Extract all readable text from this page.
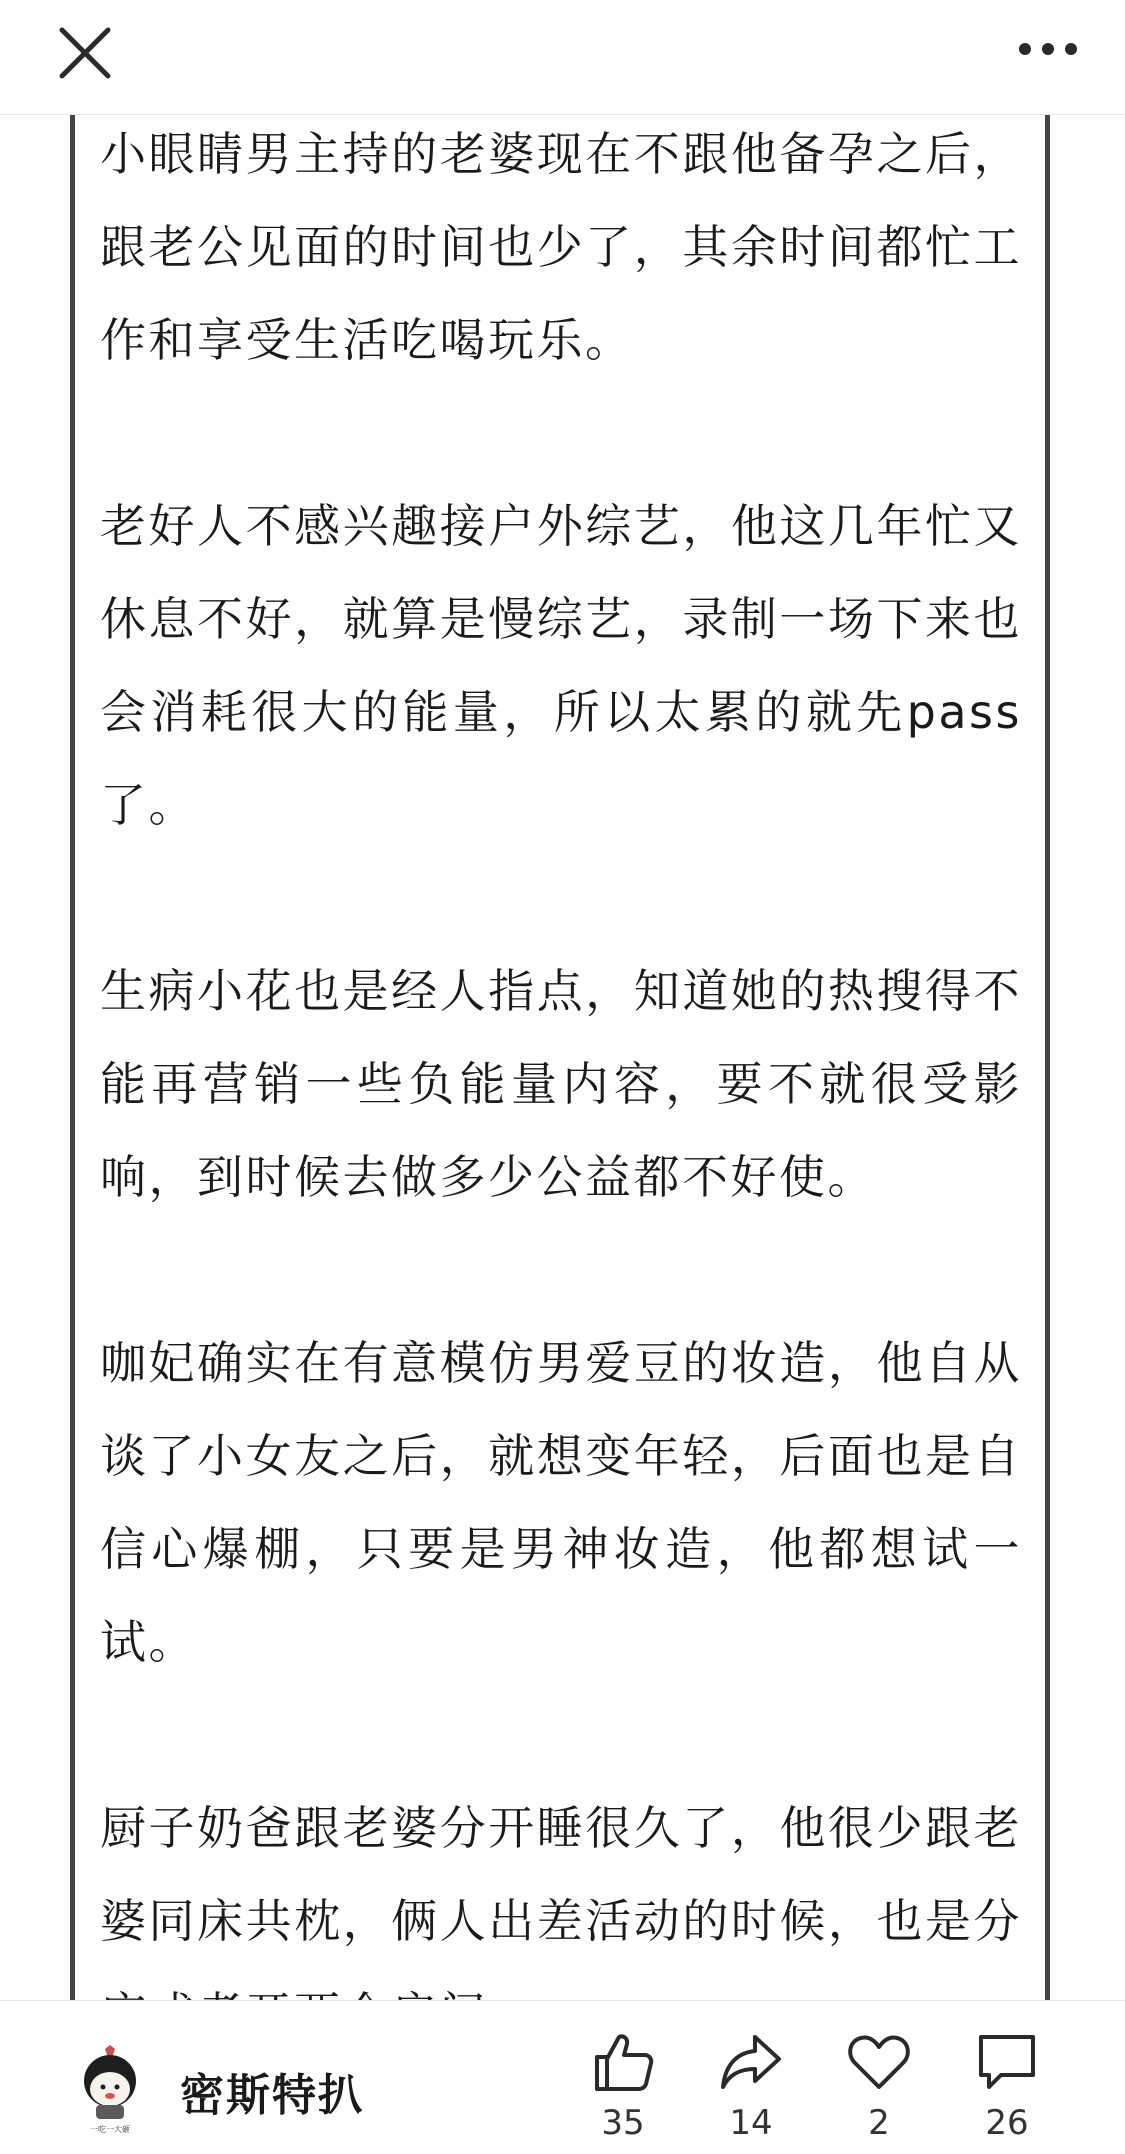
小眼睛男主持的老婆现在不跟他备孕之后，跟老公见面的时间也少了，其余时间都忙工作和享受生活吃喝玩乐。

老好人不感兴趣接户外综艺，他这几年忙又休息不好，就算是慢综艺，录制一场下来也会消耗很大的能量，所以太累的就先pass了。

生病小花也是经人指点，知道她的热搜得不能再营销一些负能量内容，要不就很受影响，到时候去做多少公益都不好使。

咖妃确实在有意模仿男爱豆的妆造，他自从谈了小女友之后，就想变年轻，后面也是自信心爆棚，只要是男神妆造，他都想试一试。

厨子奶爸跟老婆分开睡很久了，他很少跟老婆同床共枕，俩人出差活动的时候，也是分

一吃一大砸
密斯特扒
35	14	2	26
